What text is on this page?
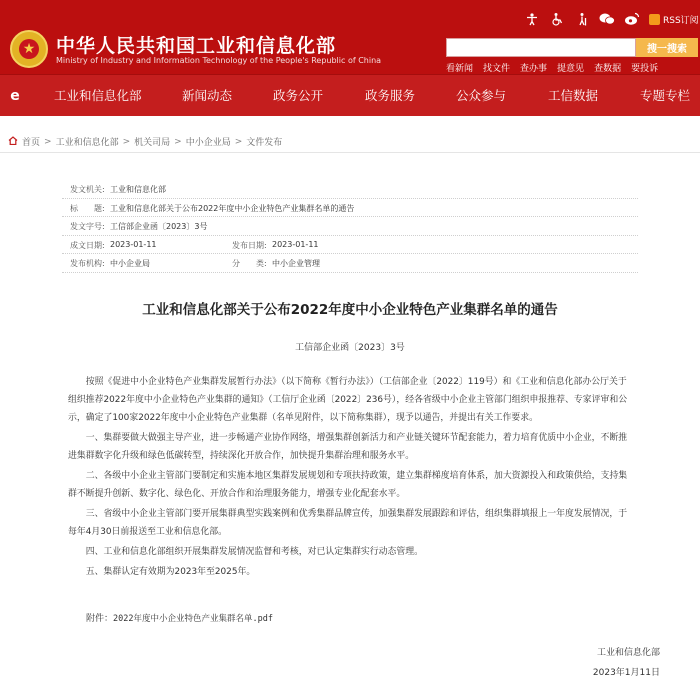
★	中华人民共和国工业和信息化部
Ministry of Industry and Information Technology of the People's Republic of China
RSS订阅
搜一搜索
看新闻 找文件 查办事 提意见 查数据 要投诉
e	工业和信息化部	新闻动态	政务公开	政务服务	公众参与	工信数据	专题专栏
首页 > 工业和信息化部 > 机关司局 > 中小企业局 > 文件发布
发文机关: 工业和信息化部
标　　题: 工业和信息化部关于公布2022年度中小企业特色产业集群名单的通告
发文字号: 工信部企业函〔2023〕3号
成文日期: 2023-01-11	发布日期: 2023-01-11
发布机构: 中小企业局	分　　类: 中小企业管理
工业和信息化部关于公布2022年度中小企业特色产业集群名单的通告
工信部企业函〔2023〕3号

按照《促进中小企业特色产业集群发展暂行办法》（以下简称《暂行办法》）（工信部企业〔2022〕119号）和《工业和信息化部办公厅关于组织推荐2022年度中小企业特色产业集群的通知》（工信厅企业函〔2022〕236号），经各省级中小企业主管部门组织申报推荐、专家评审和公示，确定了100家2022年度中小企业特色产业集群（名单见附件，以下简称集群），现予以通告，并提出有关工作要求。

一、集群要做大做强主导产业，进一步畅通产业协作网络，增强集群创新活力和产业链关键环节配套能力，着力培育优质中小企业，不断推进集群数字化升级和绿色低碳转型，持续深化开放合作，加快提升集群治理和服务水平。

二、各级中小企业主管部门要制定和实施本地区集群发展规划和专项扶持政策，建立集群梯度培育体系，加大资源投入和政策供给，支持集群不断提升创新、数字化、绿色化、开放合作和治理服务能力，增强专业化配套水平。

三、省级中小企业主管部门要开展集群典型实践案例和优秀集群品牌宣传，加强集群发展跟踪和评估，组织集群填报上一年度发展情况，于每年4月30日前报送至工业和信息化部。

四、工业和信息化部组织开展集群发展情况监督和考核，对已认定集群实行动态管理。

五、集群认定有效期为2023年至2025年。

附件：2022年度中小企业特色产业集群名单.pdf
工业和信息化部
2023年1月11日
